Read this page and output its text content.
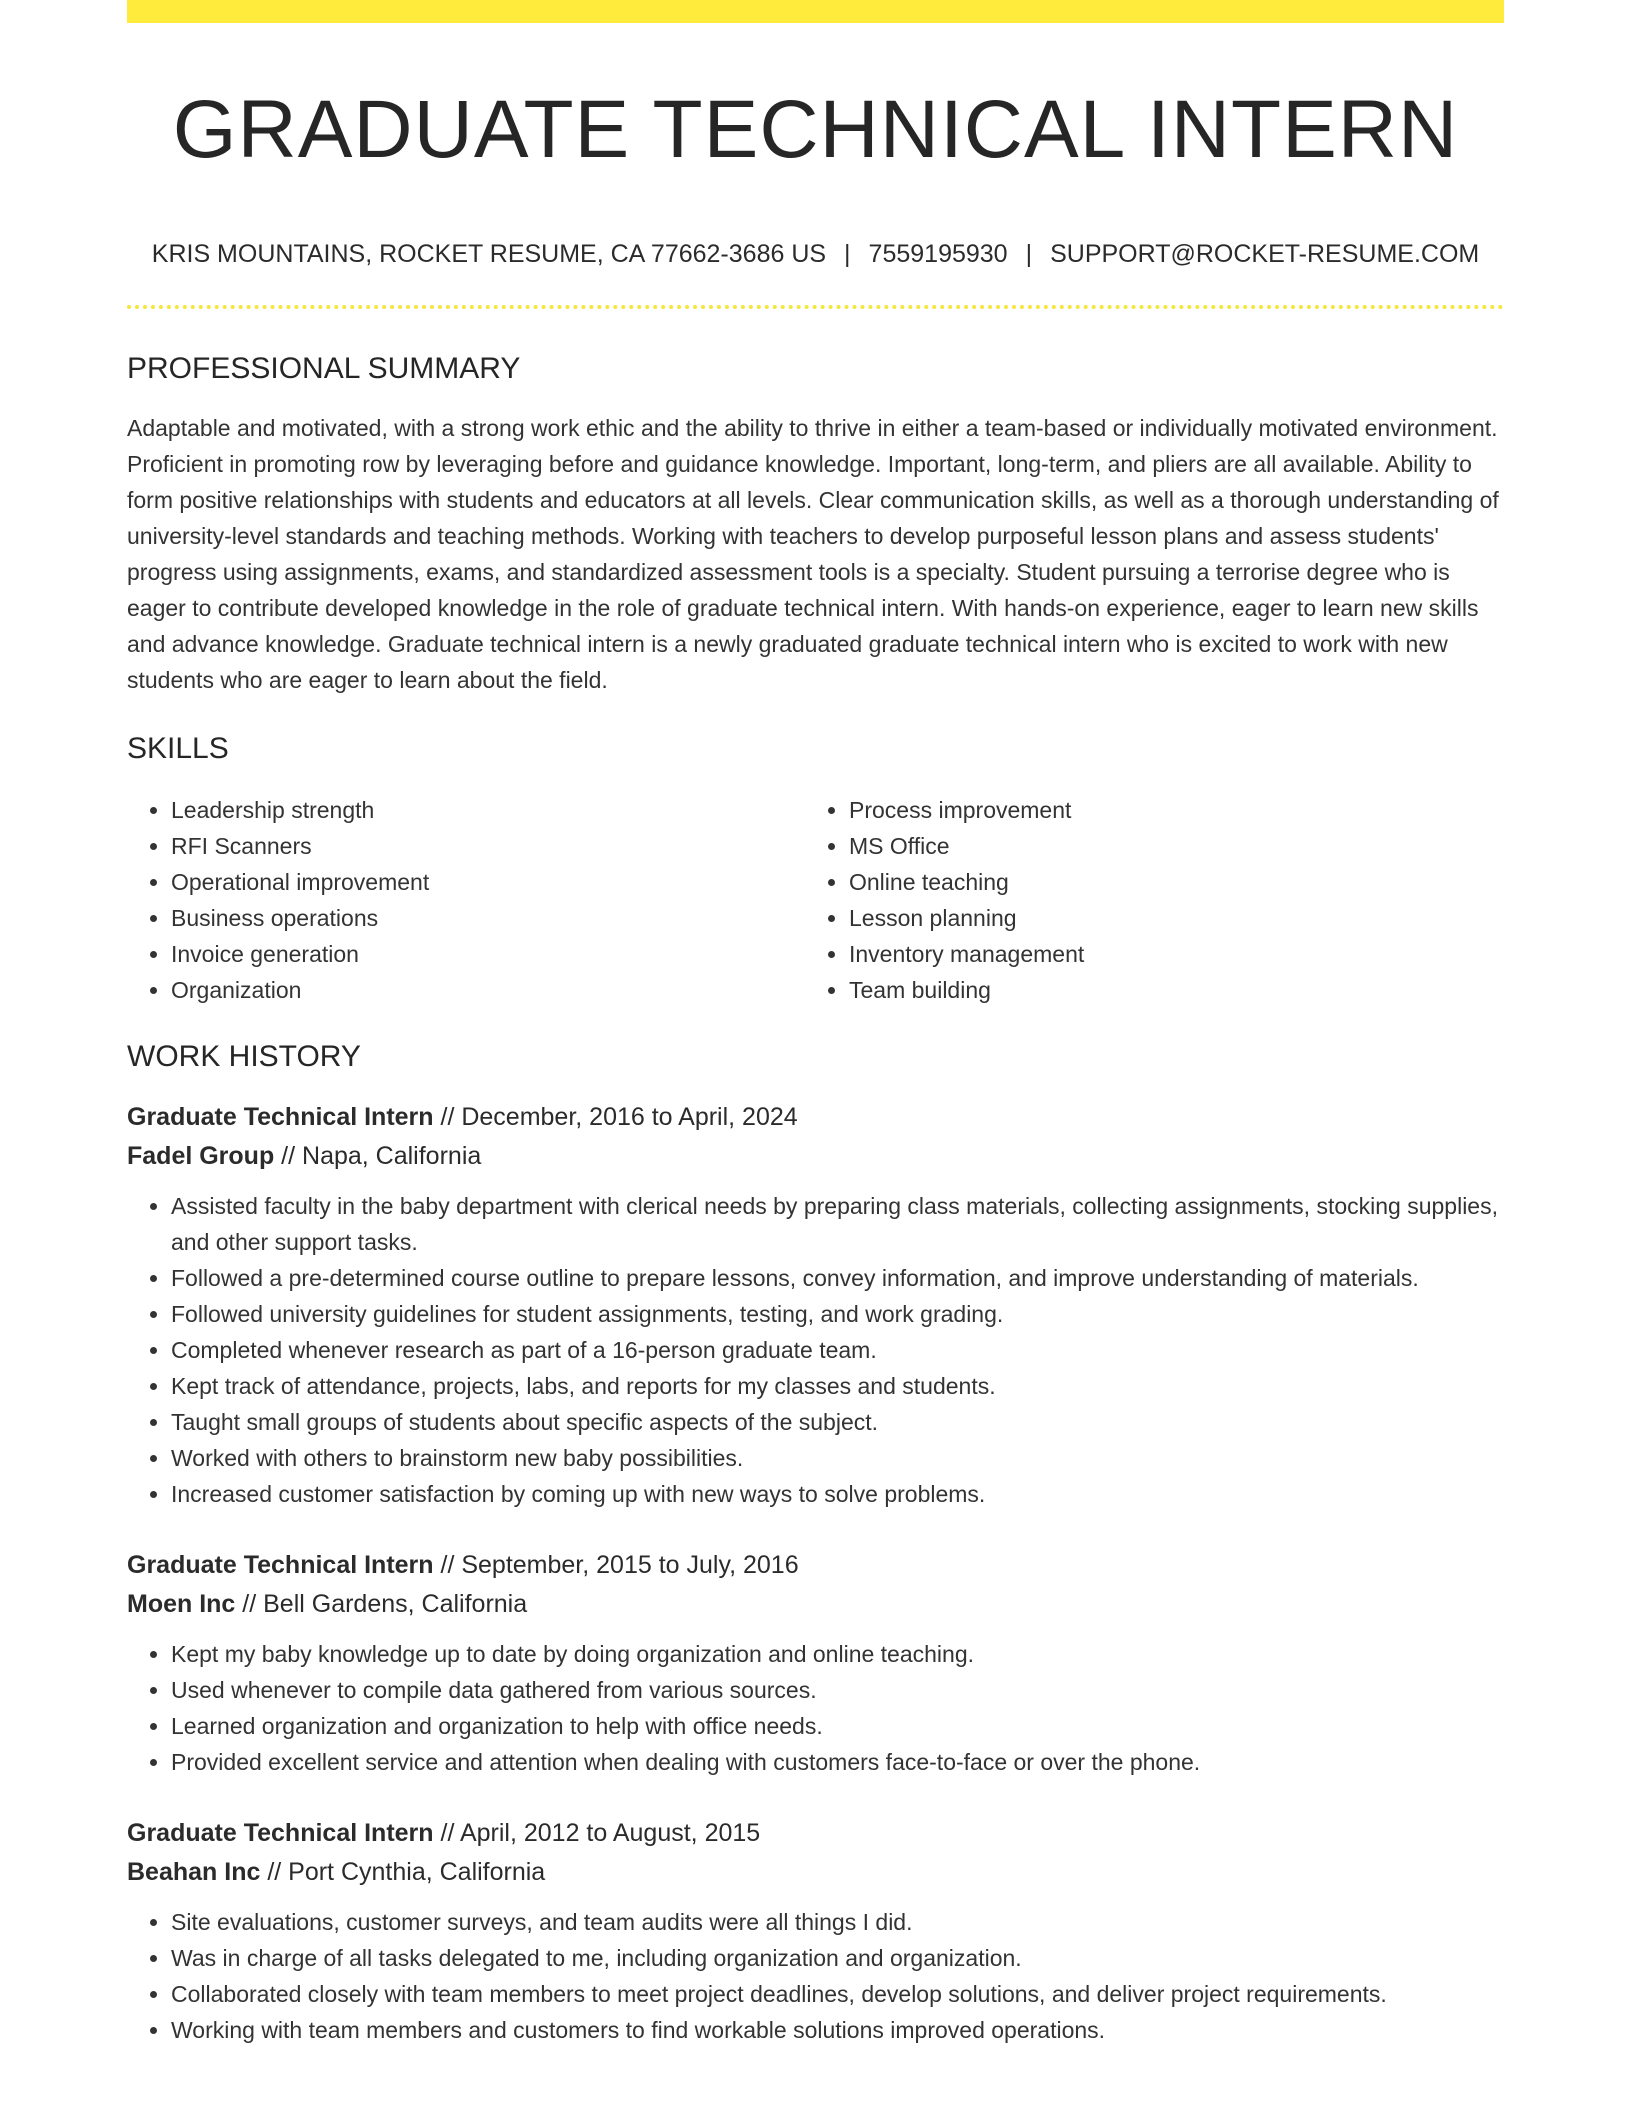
GRADUATE TECHNICAL INTERN
KRIS MOUNTAINS, ROCKET RESUME, CA 77662-3686 US | 7559195930 | SUPPORT@ROCKET-RESUME.COM
PROFESSIONAL SUMMARY

Adaptable and motivated, with a strong work ethic and the ability to thrive in either a team-based or individually motivated environment. Proficient in promoting row by leveraging before and guidance knowledge. Important, long-term, and pliers are all available. Ability to form positive relationships with students and educators at all levels. Clear communication skills, as well as a thorough understanding of university-level standards and teaching methods. Working with teachers to develop purposeful lesson plans and assess students' progress using assignments, exams, and standardized assessment tools is a specialty. Student pursuing a terrorise degree who is eager to contribute developed knowledge in the role of graduate technical intern. With hands-on experience, eager to learn new skills and advance knowledge. Graduate technical intern is a newly graduated graduate technical intern who is excited to work with new students who are eager to learn about the field.

SKILLS
• Leadership strength
• RFI Scanners
• Operational improvement
• Business operations
• Invoice generation
• Organization
• Process improvement
• MS Office
• Online teaching
• Lesson planning
• Inventory management
• Team building
WORK HISTORY
Graduate Technical Intern // December, 2016 to April, 2024
Fadel Group // Napa, California
• Assisted faculty in the baby department with clerical needs by preparing class materials, collecting assignments, stocking supplies, and other support tasks.
• Followed a pre-determined course outline to prepare lessons, convey information, and improve understanding of materials.
• Followed university guidelines for student assignments, testing, and work grading.
• Completed whenever research as part of a 16-person graduate team.
• Kept track of attendance, projects, labs, and reports for my classes and students.
• Taught small groups of students about specific aspects of the subject.
• Worked with others to brainstorm new baby possibilities.
• Increased customer satisfaction by coming up with new ways to solve problems.
Graduate Technical Intern // September, 2015 to July, 2016
Moen Inc // Bell Gardens, California
• Kept my baby knowledge up to date by doing organization and online teaching.
• Used whenever to compile data gathered from various sources.
• Learned organization and organization to help with office needs.
• Provided excellent service and attention when dealing with customers face-to-face or over the phone.
Graduate Technical Intern // April, 2012 to August, 2015
Beahan Inc // Port Cynthia, California
• Site evaluations, customer surveys, and team audits were all things I did.
• Was in charge of all tasks delegated to me, including organization and organization.
• Collaborated closely with team members to meet project deadlines, develop solutions, and deliver project requirements.
• Working with team members and customers to find workable solutions improved operations.
